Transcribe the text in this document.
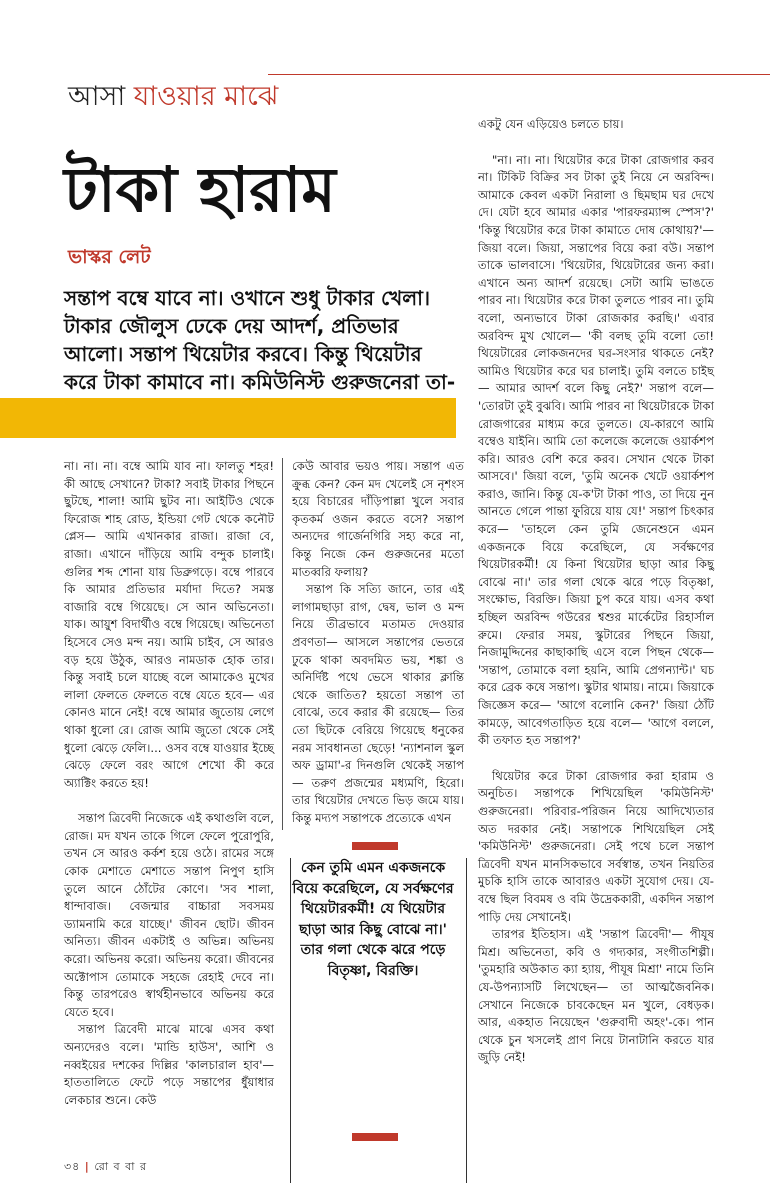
আসা যাওয়ার মাঝে
টাকা হারাম
ভাস্কর লেট
সন্তাপ বম্বে যাবে না। ওখানে শুধু টাকার খেলা। টাকার জৌলুস ঢেকে দেয় আদর্শ, প্রতিভার আলো। সন্তাপ থিয়েটার করবে। কিন্তু থিয়েটার করে টাকা কামাবে না। কমিউনিস্ট গুরুজনেরা তা-

না। না। না। বম্বে আমি যাব না। ফালতু শহর! কী আছে সেখানে? টাকা? সবাই টাকার পিছনে ছুটছে, শালা! আমি ছুটব না। আইটিও থেকে ফিরোজ শাহ রোড, ইন্ডিয়া গেট থেকে কনৌট প্লেস— আমি এখানকার রাজা। রাজা বে, রাজা। এখানে দাঁড়িয়ে আমি বন্দুক চালাই। গুলির শব্দ শোনা যায় ডিব্রুগড়ে। বম্বে পারবে কি আমার প্রতিভার মর্যাদা দিতে? সমস্ত বাজারি বম্বে গিয়েছে। সে আন অভিনেতা। যাক। আয়ুশ বিদার্থীও বম্বে গিয়েছে। অভিনেতা হিসেবে সেও মন্দ নয়। আমি চাইব, সে আরও বড় হয়ে উঠুক, আরও নামডাক হোক তার। কিন্তু সবাই চলে যাচ্ছে বলে আমাকেও মুখের লালা ফেলতে ফেলতে বম্বে যেতে হবে— এর কোনও মানে নেই! বম্বে আমার জুতোয় লেগে থাকা ধুলো রে। রোজ আমি জুতো থেকে সেই ধুলো ঝেড়ে ফেলি।... ওসব বম্বে যাওয়ার ইচ্ছে ঝেড়ে ফেলে বরং আগে শেখো কী করে অ্যাক্টিং করতে হয়!

সন্তাপ ত্রিবেদী নিজেকে এই কথাগুলি বলে, রোজ। মদ যখন তাকে গিলে ফেলে পুরোপুরি, তখন সে আরও কর্কশ হয়ে ওঠে। রামের সঙ্গে কোক মেশাতে মেশাতে সন্তাপ নিপুণ হাসি তুলে আনে ঠোঁটের কোণে। 'সব শালা, ধান্দাবাজ। বেজন্মার বাচ্চারা সবসময় ড্যামনামি করে যাচ্ছে।' জীবন ছোট। জীবন অনিত্য। জীবন একটাই ও অভিন্ন। অভিনয় করো। অভিনয় করো। অভিনয় করো। জীবনের অক্টোপাস তোমাকে সহজে রেহাই দেবে না। কিন্তু তারপরেও স্বার্থহীনভাবে অভিনয় করে যেতে হবে।

সন্তাপ ত্রিবেদী মাঝে মাঝে এসব কথা অন্যদেরও বলে। 'মান্ডি হাউস', আশি ও নব্বইয়ের দশকের দিল্লির 'কালচারাল হাব'— হাততালিতে ফেটে পড়ে সন্তাপের ধুঁয়াধার লেকচার শুনে। কেউ

কেউ আবার ভয়ও পায়। সন্তাপ এত ক্রুব্ধ কেন? কেন মদ খেলেই সে নৃশংস হয়ে বিচারের দাঁড়িপাল্লা খুলে সবার কৃতকর্ম ওজন করতে বসে? সন্তাপ অন্যদের গার্জেনগিরি সহ্য করে না, কিন্তু নিজে কেন গুরুজনের মতো মাতব্বরি ফলায়?

সন্তাপ কি সত্যি জানে, তার এই লাগামছাড়া রাগ, দ্বেষ, ভাল ও মন্দ নিয়ে তীব্রভাবে মতামত দেওয়ার প্রবণতা— আসলে সন্তাপের ভেতরে ঢুকে থাকা অবদমিত ভয়, শঙ্কা ও অনির্দিষ্ট পথে ভেসে থাকার ক্লান্তি থেকে জাতিত? হয়তো সন্তাপ তা বোঝে, তবে করার কী রয়েছে— তির তো ছিটকে বেরিয়ে গিয়েছে ধনুকের নরম সাবধানতা ছেড়ে! 'ন্যাশনাল স্কুল অফ ড্রামা'-র দিনগুলি থেকেই সন্তাপ— তরুণ প্রজন্মের মধ্যমণি, হিরো। তার থিয়েটার দেখতে ভিড় জমে যায়। কিন্তু মদ্যপ সন্তাপকে প্রত্যেকে এখন

কেন তুমি এমন একজনকে বিয়ে করেছিলে, যে সর্বক্ষণের থিয়েটারকর্মী! যে থিয়েটার ছাড়া আর কিছু বোঝে না।' তার গলা থেকে ঝরে পড়ে বিতৃষ্ণা, বিরক্তি।

একটু যেন এড়িয়েও চলতে চায়।

"না। না। না। থিয়েটার করে টাকা রোজগার করব না। টিকিট বিক্রির সব টাকা তুই নিয়ে নে অরবিন্দ। আমাকে কেবল একটা নিরালা ও ছিমছাম ঘর দেখে দে। যেটা হবে আমার একার 'পারফরম্যান্স স্পেস'?' 'কিন্তু থিয়েটার করে টাকা কামাতে দোষ কোথায়?'— জিয়া বলে। জিয়া, সন্তাপের বিয়ে করা বউ। সন্তাপ তাকে ভালবাসে। 'থিয়েটার, থিয়েটারের জন্য করা। এখানে অন্য আদর্শ রয়েছে। সেটা আমি ভাঙতে পারব না। থিয়েটার করে টাকা তুলতে পারব না। তুমি বলো, অন্যভাবে টাকা রোজকার করছি।' এবার অরবিন্দ মুখ খোলে— 'কী বলছ তুমি বলো তো! থিয়েটারের লোকজনদের ঘর-সংসার থাকতে নেই? আমিও থিয়েটার করে ঘর চালাই। তুমি বলতে চাইছ— আমার আদর্শ বলে কিছু নেই?' সন্তাপ বলে— 'তোরটা তুই বুঝবি। আমি পারব না থিয়েটারকে টাকা রোজগারের মাধ্যম করে তুলতে। যে-কারণে আমি বম্বেও যাইনি। আমি তো কলেজে কলেজে ওয়ার্কশপ করি। আরও বেশি করে করব। সেখান থেকে টাকা আসবে।' জিয়া বলে, 'তুমি অনেক খেটে ওয়ার্কশপ করাও, জানি। কিন্তু যে-ক'টা টাকা পাও, তা দিয়ে নুন আনতে গেলে পান্তা ফুরিয়ে যায় যে!' সন্তাপ চিৎকার করে— 'তাহলে কেন তুমি জেনেশুনে এমন একজনকে বিয়ে করেছিলে, যে সর্বক্ষণের থিয়েটারকর্মী! যে কিনা থিয়েটার ছাড়া আর কিছু বোঝে না।' তার গলা থেকে ঝরে পড়ে বিতৃষ্ণা, সংক্ষোভ, বিরক্তি। জিয়া চুপ করে যায়। এসব কথা হচ্ছিল অরবিন্দ গউরের শ্বশুর মার্কেটের রিহার্সাল রুমে। ফেরার সময়, স্কুটারের পিছনে জিয়া, নিজামুদ্দিনের কাছাকাছি এসে বলে পিছন থেকে— 'সন্তাপ, তোমাকে বলা হয়নি, আমি প্রেগন্যান্ট।' ঘচ করে ব্রেক কষে সন্তাপ। স্কুটার থামায়। নামে। জিয়াকে জিজ্ঞেস করে— 'আগে বলোনি কেন?' জিয়া ঠোঁট কামড়ে, আবেগতাড়িত হয়ে বলে— 'আগে বললে, কী তফাত হত সন্তাপ?'

থিয়েটার করে টাকা রোজগার করা হারাম ও অনুচিত। সন্তাপকে শিখিয়েছিল 'কমিউনিস্ট' গুরুজনেরা। পরিবার-পরিজন নিয়ে আদিখ্যেতার অত দরকার নেই। সন্তাপকে শিখিয়েছিল সেই 'কমিউনিস্ট' গুরুজনেরা। সেই পথে চলে সন্তাপ ত্রিবেদী যখন মানসিকভাবে সর্বস্বান্ত, তখন নিয়তির মুচকি হাসি তাকে আবারও একটা সুযোগ দেয়। যে-বম্বে ছিল বিবমষ ও বমি উদ্রেককারী, একদিন সন্তাপ পাড়ি দেয় সেখানেই।

তারপর ইতিহাস। এই 'সন্তাপ ত্রিবেদী'— পীযূষ মিশ্র। অভিনেতা, কবি ও গদ্যকার, সংগীতশিল্পী। 'তুমহারি অউকাত ক্যা হ্যায়, পীযূষ মিশ্রা' নামে তিনি যে-উপন্যাসটি লিখেছেন— তা আত্মজৈবনিক। সেখানে নিজেকে চাবকেছেন মন খুলে, বেধড়ক। আর, একহাত নিয়েছেন 'গুরুবাদী অহং'-কে। পান থেকে চুন খসলেই প্রাণ নিয়ে টানাটানি করতে যার জুড়ি নেই!

৩৪ | রো ব বা র
